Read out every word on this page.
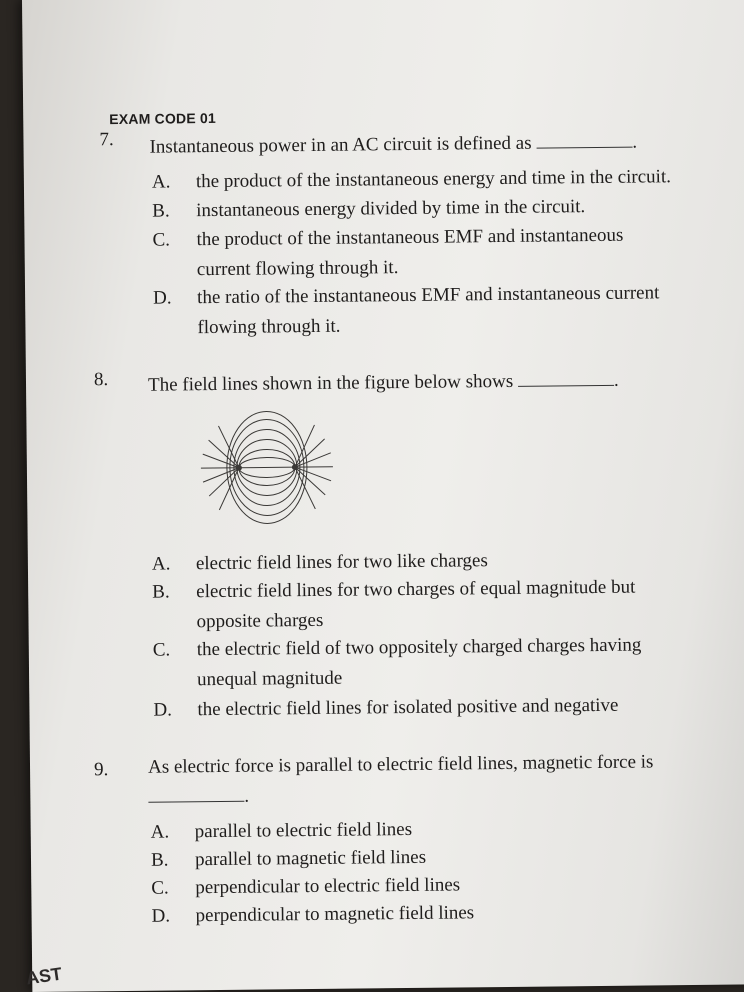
EXAM CODE 01
7. Instantaneous power in an AC circuit is defined as	.
A.	the product of the instantaneous energy and time in the circuit.
B.	instantaneous energy divided by time in the circuit.
C.	the product of the instantaneous EMF and instantaneous
current flowing through it.
D.	the ratio of the instantaneous EMF and instantaneous current
flowing through it.
8. The field lines shown in the figure below shows	.
A.	electric field lines for two like charges
B.	electric field lines for two charges of equal magnitude but
opposite charges
C.	the electric field of two oppositely charged charges having
unequal magnitude
D.	the electric field lines for isolated positive and negative
9. As electric force is parallel to electric field lines, magnetic force is
.
A.	parallel to electric field lines
B.	parallel to magnetic field lines
C.	perpendicular to electric field lines
D.	perpendicular to magnetic field lines
AST
